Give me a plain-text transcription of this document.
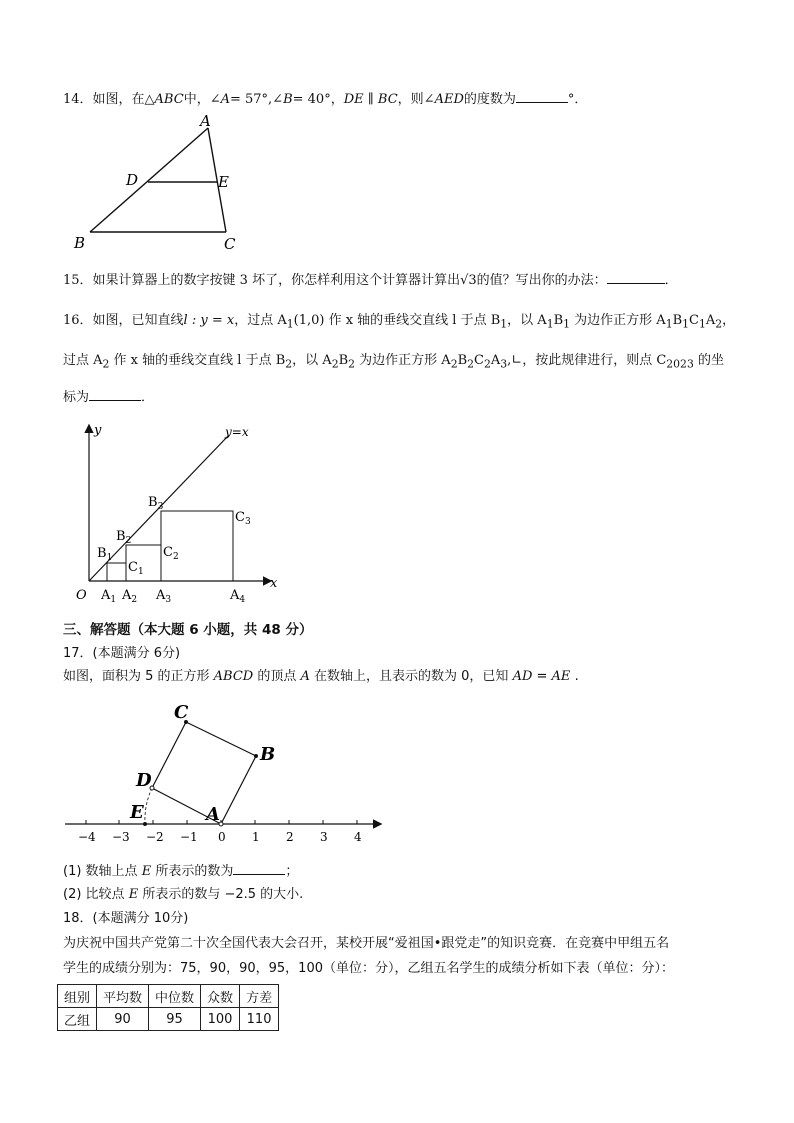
14．如图，在△ABC中，∠A= 57°,∠B= 40°，DE ∥ BC，则∠AED的度数为	°．
A
B	C
D	E
15．如果计算器上的数字按键 3 坏了，你怎样利用这个计算器计算出√3的值？写出你的办法：	．
16．如图，已知直线l : y = x，过点 $A_1(1,0)$ 作 x 轴的垂线交直线 l 于点 $B_1$，以 $A_1B_1$ 为边作正方形 $A_1B_1C_1A_2$，
过点 $A_2$ 作 x 轴的垂线交直线 l 于点 $B_2$，以 $A_2B_2$ 为边作正方形 $A_2B_2C_2A_3,∟$，按此规律进行，则点 $C_{2023}$ 的坐
标为	．
y
x
y=x
O $A_1$ $A_2$ $A_3$	$A_4$
$B_1$
$B_2$
$B_3$
$C_1$
$C_2$
$C_3$
三、解答题（本大题 6 小题，共 48 分）
17．(本题满分 6分)
如图，面积为 5 的正方形 ABCD 的顶点 A 在数轴上，且表示的数为 0，已知 AD = AE .
C
B
D
E	A
−4 −3 −2 −1 0 1 2 3 4
(1) 数轴上点 E 所表示的数为	；
(2) 比较点 E 所表示的数与 −2.5 的大小.
18．(本题满分 10分)
为庆祝中国共产党第二十次全国代表大会召开，某校开展“爱祖国•跟党走”的知识竞赛．在竞赛中甲组五名
学生的成绩分别为：75，90，90，95，100（单位：分），乙组五名学生的成绩分析如下表（单位：分）：
组别	平均数	中位数	众数	方差
乙组	90	95	100	110
